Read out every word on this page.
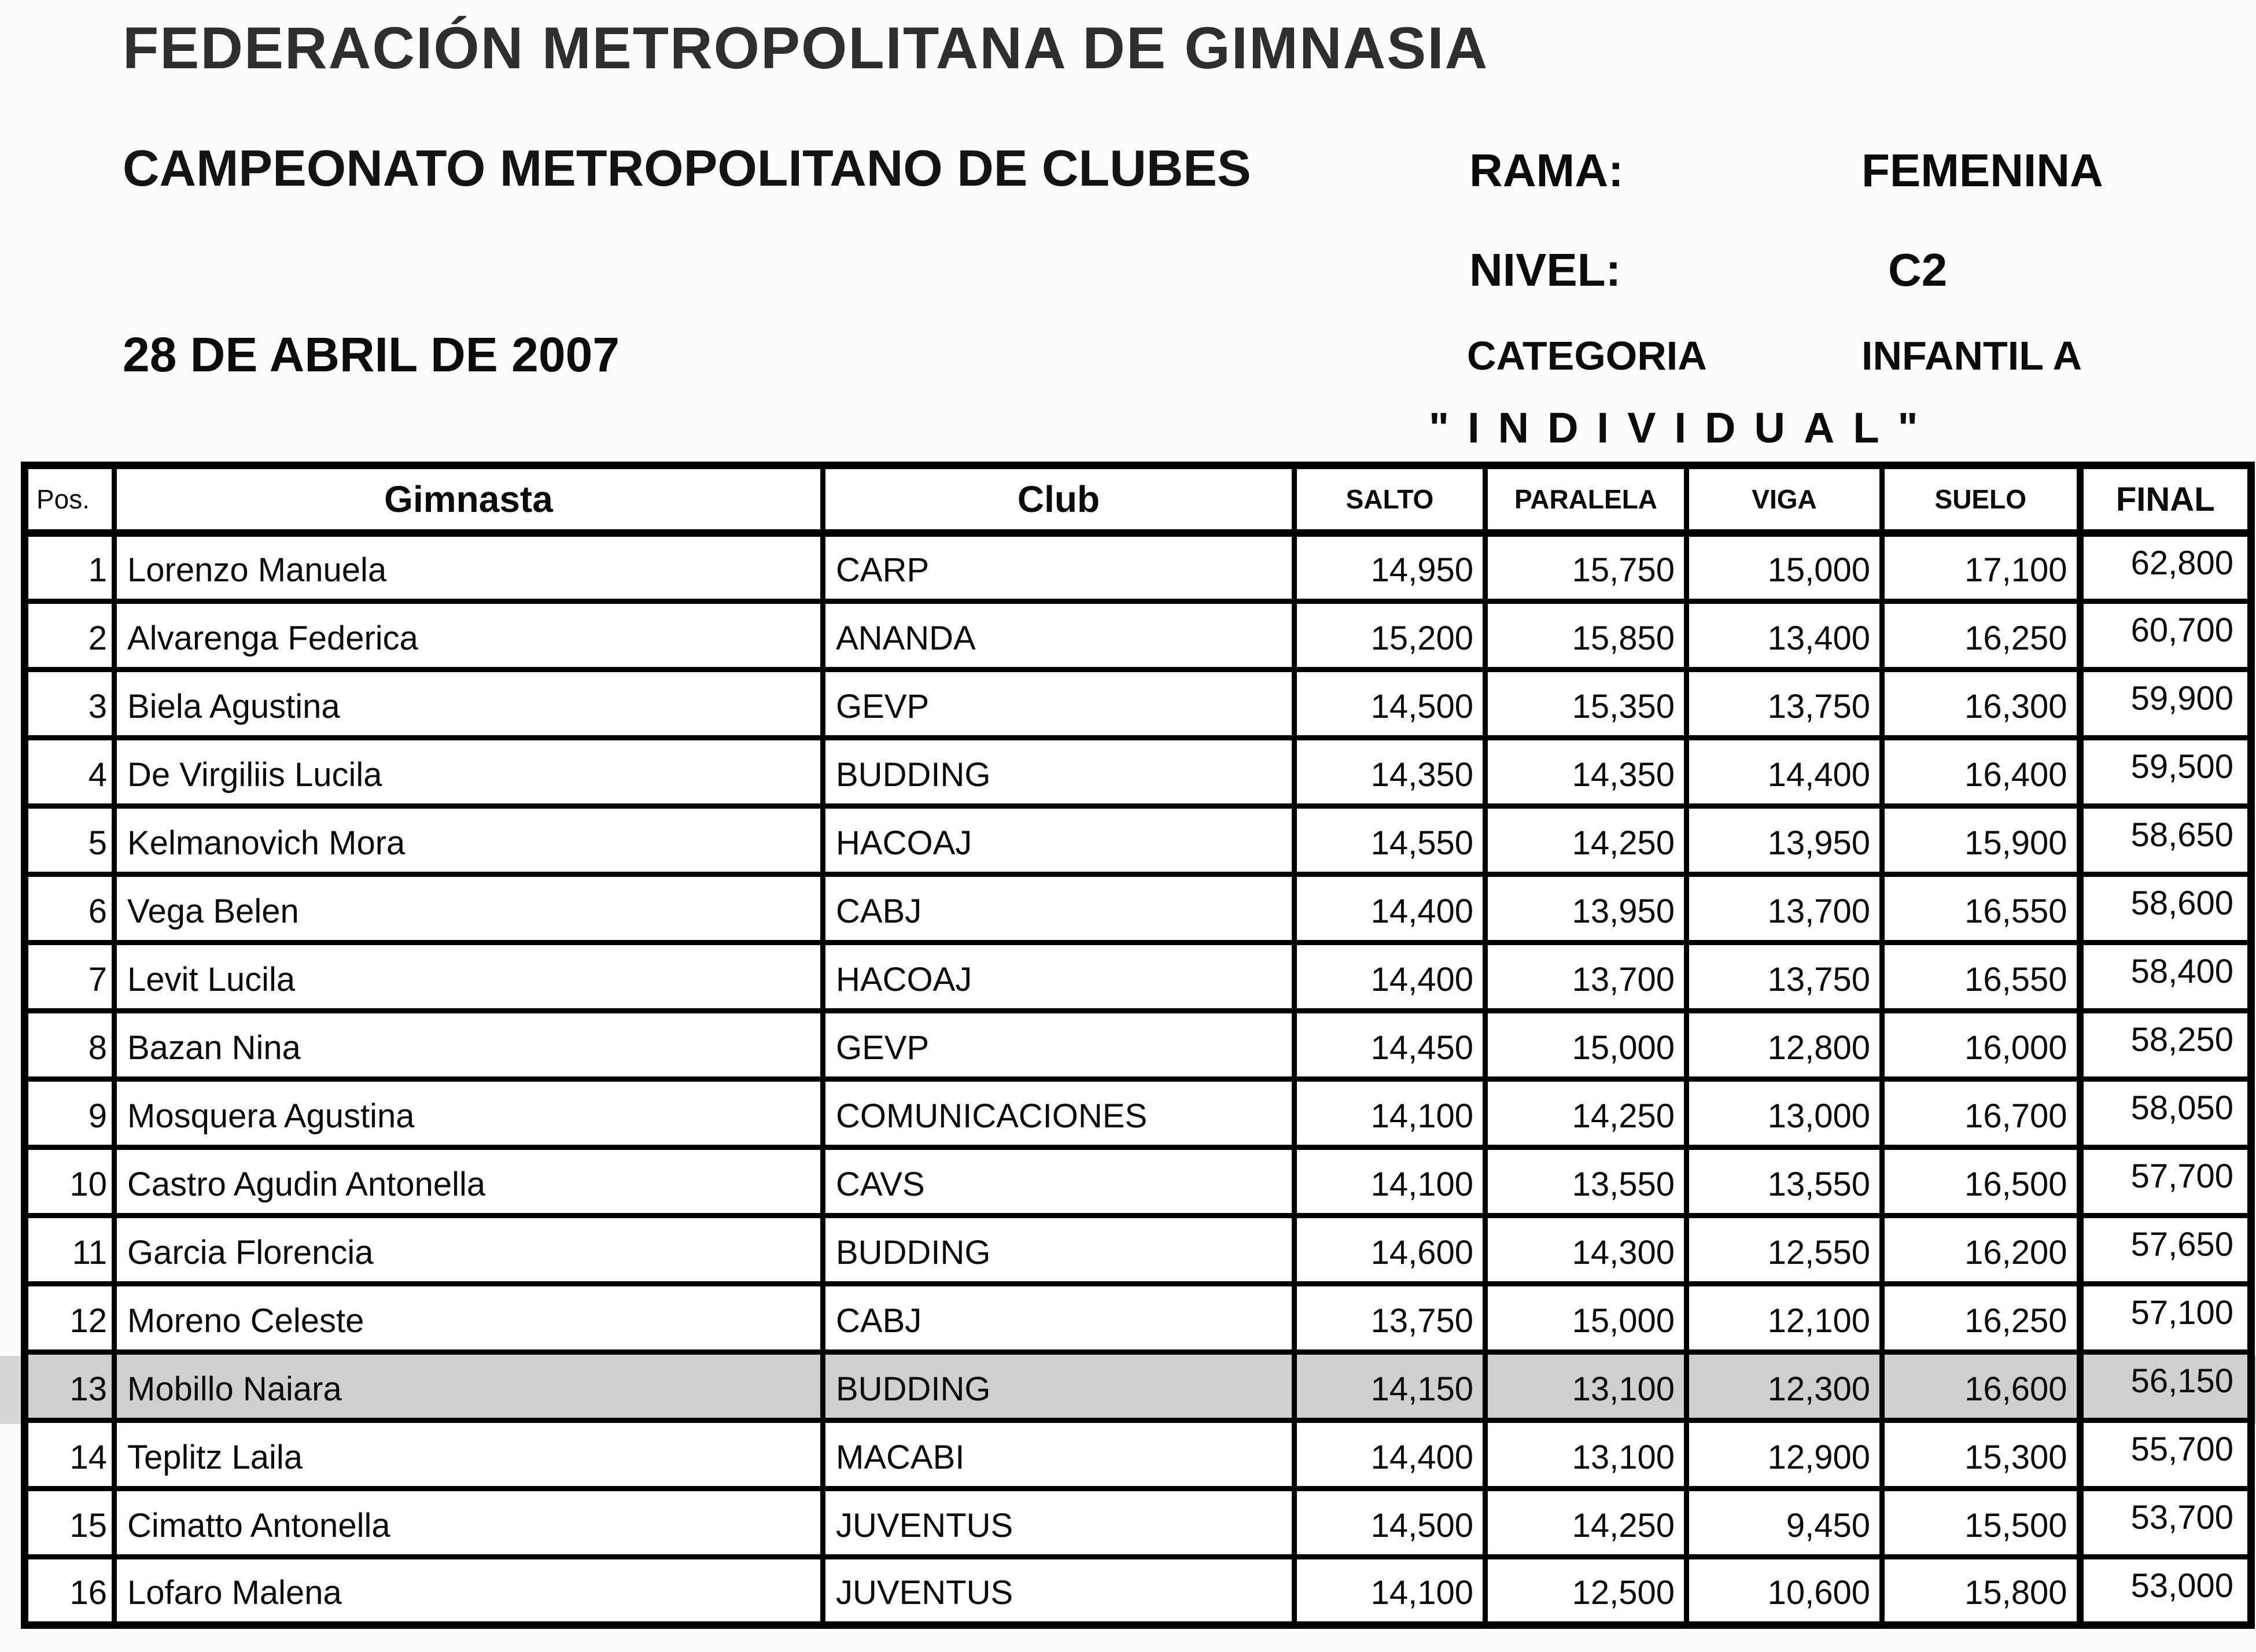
FEDERACIÓN METROPOLITANA DE GIMNASIA
CAMPEONATO METROPOLITANO DE CLUBES	RAMA:	FEMENINA
NIVEL:	C2
28 DE ABRIL DE 2007	CATEGORIA	INFANTIL A
"INDIVIDUAL"
Pos.	Gimnasta	Club	SALTO	PARALELA	VIGA	SUELO	FINAL
1	Lorenzo Manuela	CARP	14,950	15,750	15,000	17,100	62,800
2	Alvarenga Federica	ANANDA	15,200	15,850	13,400	16,250	60,700
3	Biela Agustina	GEVP	14,500	15,350	13,750	16,300	59,900
4	De Virgiliis Lucila	BUDDING	14,350	14,350	14,400	16,400	59,500
5	Kelmanovich Mora	HACOAJ	14,550	14,250	13,950	15,900	58,650
6	Vega Belen	CABJ	14,400	13,950	13,700	16,550	58,600
7	Levit Lucila	HACOAJ	14,400	13,700	13,750	16,550	58,400
8	Bazan Nina	GEVP	14,450	15,000	12,800	16,000	58,250
9	Mosquera Agustina	COMUNICACIONES	14,100	14,250	13,000	16,700	58,050
10	Castro Agudin Antonella	CAVS	14,100	13,550	13,550	16,500	57,700
11	Garcia Florencia	BUDDING	14,600	14,300	12,550	16,200	57,650
12	Moreno Celeste	CABJ	13,750	15,000	12,100	16,250	57,100
13	Mobillo Naiara	BUDDING	14,150	13,100	12,300	16,600	56,150
14	Teplitz Laila	MACABI	14,400	13,100	12,900	15,300	55,700
15	Cimatto Antonella	JUVENTUS	14,500	14,250	9,450	15,500	53,700
16	Lofaro Malena	JUVENTUS	14,100	12,500	10,600	15,800	53,000
